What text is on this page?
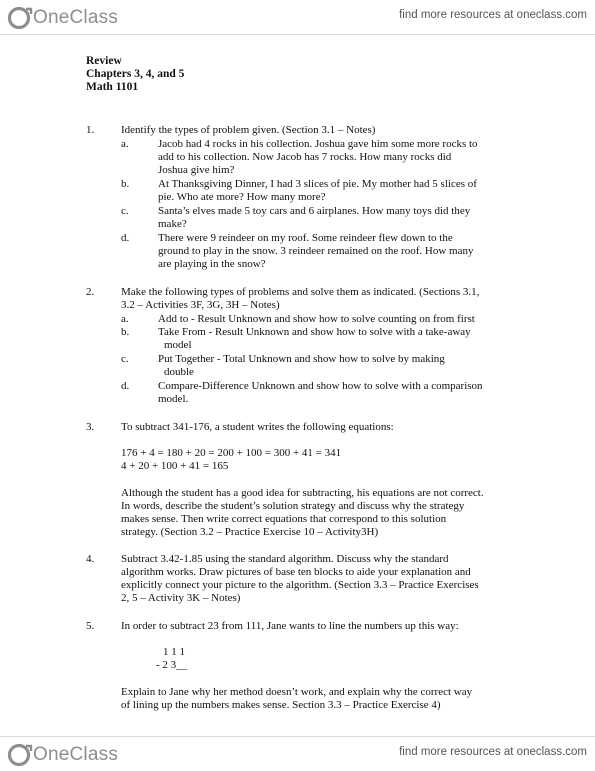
OneClass	find more resources at oneclass.com
Review
Chapters 3, 4, and 5
Math 1101
1. Identify the types of problem given. (Section 3.1 – Notes)
a.	Jacob had 4 rocks in his collection. Joshua gave him some more rocks to
add to his collection. Now Jacob has 7 rocks. How many rocks did
Joshua give him?
b.	At Thanksgiving Dinner, I had 3 slices of pie. My mother had 5 slices of
pie. Who ate more? How many more?
c.	Santa’s elves made 5 toy cars and 6 airplanes. How many toys did they
make?
d.	There were 9 reindeer on my roof. Some reindeer flew down to the
ground to play in the snow. 3 reindeer remained on the roof. How many
are playing in the snow?
2. Make the following types of problems and solve them as indicated. (Sections 3.1,
3.2 – Activities 3F, 3G, 3H – Notes)
a.	Add to - Result Unknown and show how to solve counting on from first
b.	Take From - Result Unknown and show how to solve with a take-away
model
c.	Put Together - Total Unknown and show how to solve by making
double
d.	Compare-Difference Unknown and show how to solve with a comparison
model.
3. To subtract 341-176, a student writes the following equations:
176 + 4 = 180 + 20 = 200 + 100 = 300 + 41 = 341
4 + 20 + 100 + 41 = 165
Although the student has a good idea for subtracting, his equations are not correct.
In words, describe the student’s solution strategy and discuss why the strategy
makes sense. Then write correct equations that correspond to this solution
strategy. (Section 3.2 – Practice Exercise 10 – Activity3H)
4. Subtract 3.42-1.85 using the standard algorithm. Discuss why the standard
algorithm works. Draw pictures of base ten blocks to aide your explanation and
explicitly connect your picture to the algorithm. (Section 3.3 – Practice Exercises
2, 5 – Activity 3K – Notes)
5. In order to subtract 23 from 111, Jane wants to line the numbers up this way:
1 1 1
- 2 3__
Explain to Jane why her method doesn’t work, and explain why the correct way
of lining up the numbers makes sense. Section 3.3 – Practice Exercise 4)
OneClass	find more resources at oneclass.com
